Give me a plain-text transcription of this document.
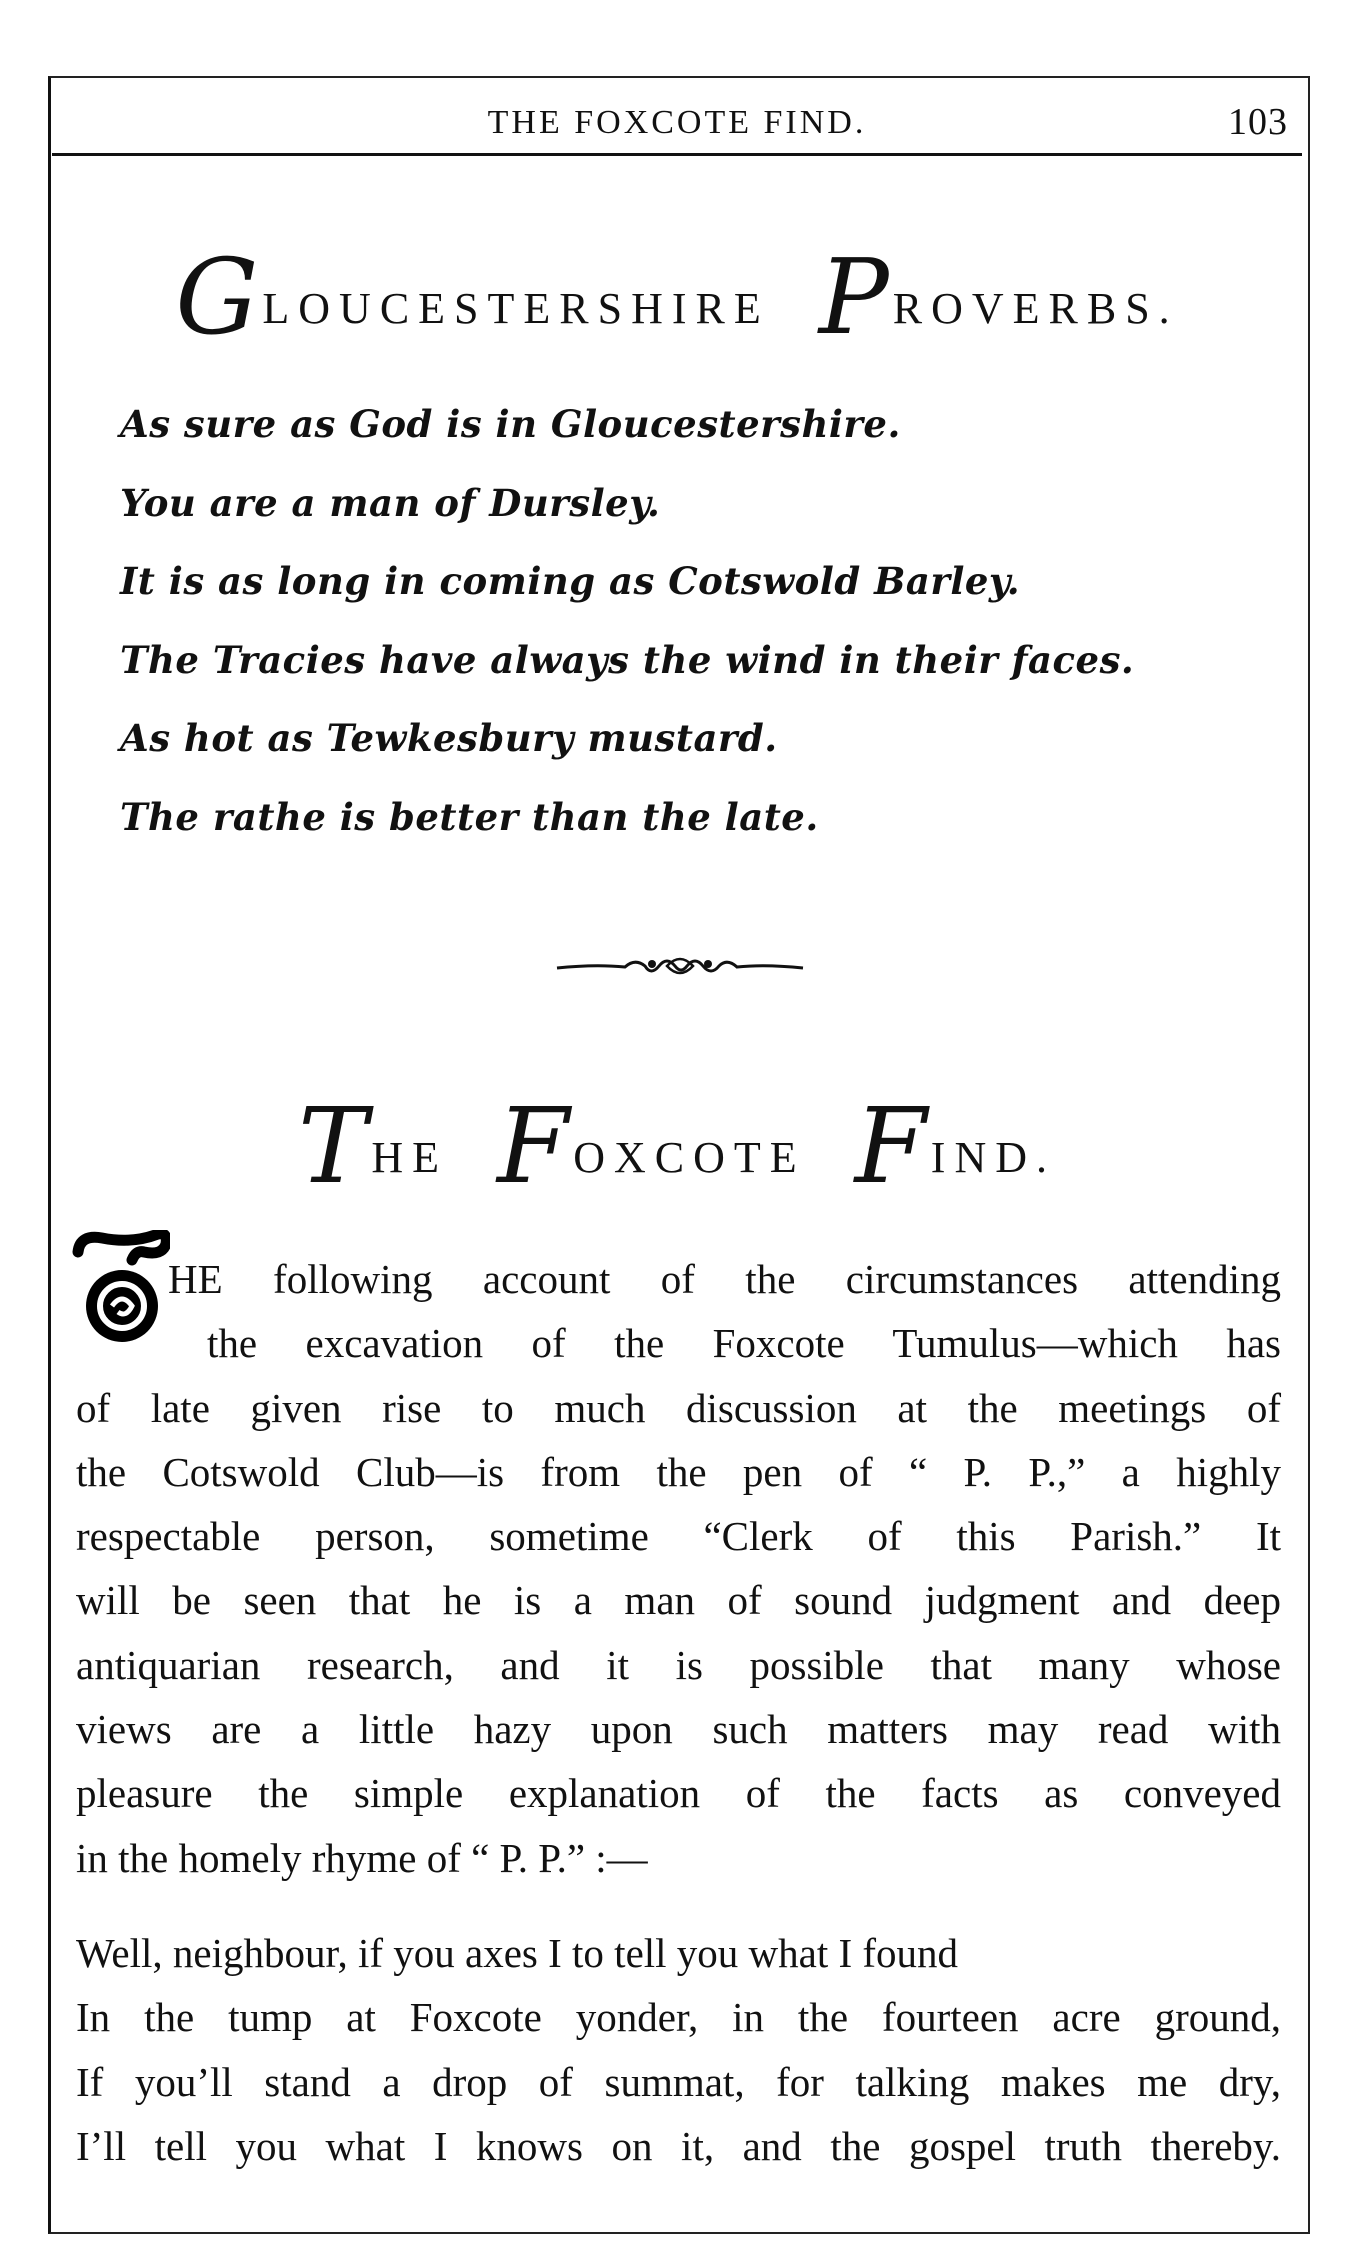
THE FOXCOTE FIND.	103
GLOUCESTERSHIRE PROVERBS.
As sure as God is in Gloucestershire.
You are a man of Dursley.
It is as long in coming as Cotswold Barley.
The Tracies have always the wind in their faces.
As hot as Tewkesbury mustard.
The rathe is better than the late.
THE FOXCOTE FIND.
T
HE following account of the circumstances attending
the excavation of the Foxcote Tumulus—which has
of late given rise to much discussion at the meetings of
the Cotswold Club—is from the pen of “ P. P.,” a highly
respectable person, sometime “Clerk of this Parish.” It
will be seen that he is a man of sound judgment and deep
antiquarian research, and it is possible that many whose
views are a little hazy upon such matters may read with
pleasure the simple explanation of the facts as conveyed
in the homely rhyme of “ P. P.” :—
Well, neighbour, if you axes I to tell you what I found
In the tump at Foxcote yonder, in the fourteen acre ground,
If you’ll stand a drop of summat, for talking makes me dry,
I’ll tell you what I knows on it, and the gospel truth thereby.
